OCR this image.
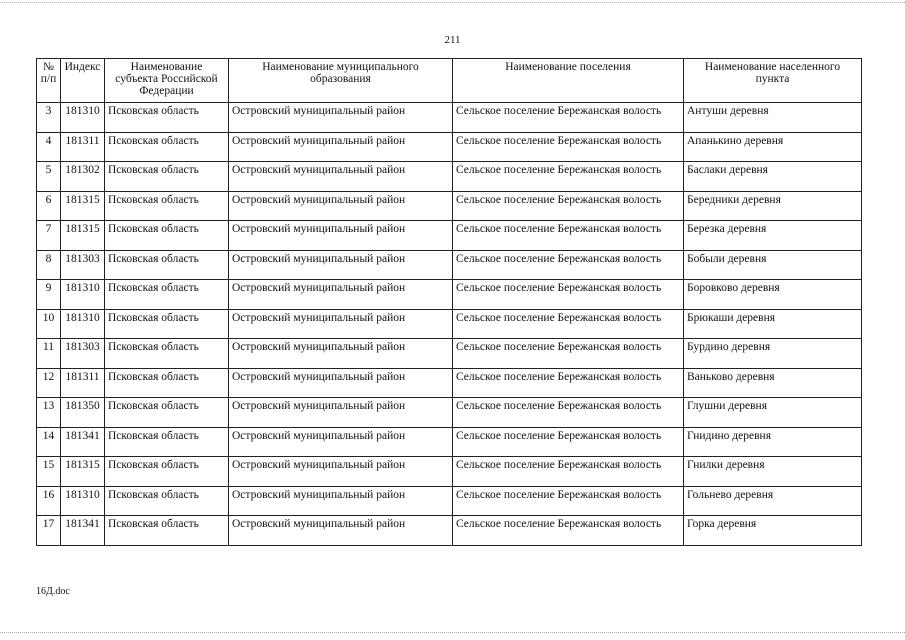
211
№ п/п	Индекс	Наименование субъекта Российской Федерации	Наименование муниципального образования	Наименование поселения	Наименование населенного пункта
3	181310	Псковская область	Островский муниципальный район	Сельское поселение Бережанская волость	Антуши деревня
4	181311	Псковская область	Островский муниципальный район	Сельское поселение Бережанская волость	Апанькино деревня
5	181302	Псковская область	Островский муниципальный район	Сельское поселение Бережанская волость	Баслаки деревня
6	181315	Псковская область	Островский муниципальный район	Сельское поселение Бережанская волость	Бередники деревня
7	181315	Псковская область	Островский муниципальный район	Сельское поселение Бережанская волость	Березка деревня
8	181303	Псковская область	Островский муниципальный район	Сельское поселение Бережанская волость	Бобыли деревня
9	181310	Псковская область	Островский муниципальный район	Сельское поселение Бережанская волость	Боровково деревня
10	181310	Псковская область	Островский муниципальный район	Сельское поселение Бережанская волость	Брюкаши деревня
11	181303	Псковская область	Островский муниципальный район	Сельское поселение Бережанская волость	Бурдино деревня
12	181311	Псковская область	Островский муниципальный район	Сельское поселение Бережанская волость	Ваньково деревня
13	181350	Псковская область	Островский муниципальный район	Сельское поселение Бережанская волость	Глушни деревня
14	181341	Псковская область	Островский муниципальный район	Сельское поселение Бережанская волость	Гнидино деревня
15	181315	Псковская область	Островский муниципальный район	Сельское поселение Бережанская волость	Гнилки деревня
16	181310	Псковская область	Островский муниципальный район	Сельское поселение Бережанская волость	Гольнево деревня
17	181341	Псковская область	Островский муниципальный район	Сельское поселение Бережанская волость	Горка деревня
16Д.doc
